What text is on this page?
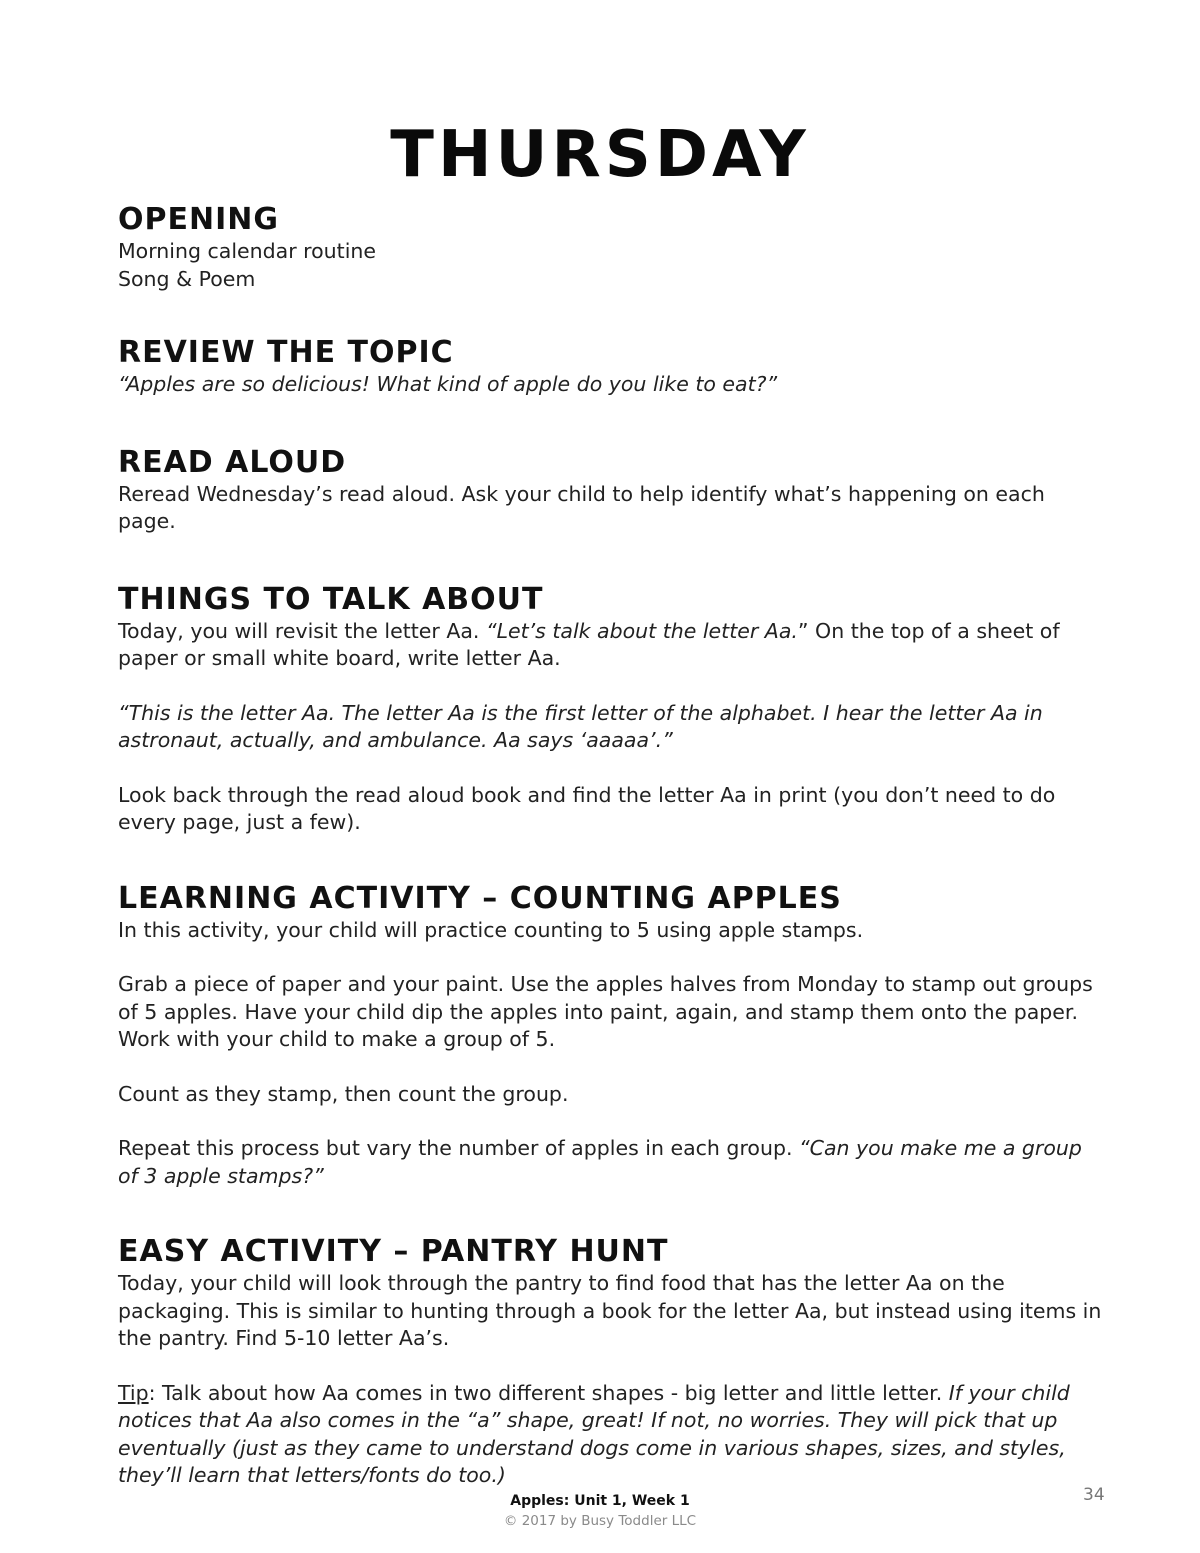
THURSDAY
OPENING

Morning calendar routine

Song & Poem

REVIEW THE TOPIC

“Apples are so delicious! What kind of apple do you like to eat?”

READ ALOUD

Reread Wednesday’s read aloud. Ask your child to help identify what’s happening on each page.

THINGS TO TALK ABOUT

Today, you will revisit the letter Aa. “Let’s talk about the letter Aa.” On the top of a sheet of paper or small white board, write letter Aa.

“This is the letter Aa. The letter Aa is the first letter of the alphabet. I hear the letter Aa in astronaut, actually, and ambulance. Aa says ‘aaaaa’.”

Look back through the read aloud book and find the letter Aa in print (you don’t need to do every page, just a few).

LEARNING ACTIVITY – COUNTING APPLES

In this activity, your child will practice counting to 5 using apple stamps.

Grab a piece of paper and your paint. Use the apples halves from Monday to stamp out groups of 5 apples. Have your child dip the apples into paint, again, and stamp them onto the paper. Work with your child to make a group of 5.

Count as they stamp, then count the group.

Repeat this process but vary the number of apples in each group. “Can you make me a group of 3 apple stamps?”

EASY ACTIVITY – PANTRY HUNT

Today, your child will look through the pantry to find food that has the letter Aa on the packaging. This is similar to hunting through a book for the letter Aa, but instead using items in the pantry. Find 5-10 letter Aa’s.

Tip: Talk about how Aa comes in two different shapes - big letter and little letter. If your child notices that Aa also comes in the “a” shape, great! If not, no worries. They will pick that up eventually (just as they came to understand dogs come in various shapes, sizes, and styles, they’ll learn that letters/fonts do too.)

Apples: Unit 1, Week 1
© 2017 by Busy Toddler LLC
34
